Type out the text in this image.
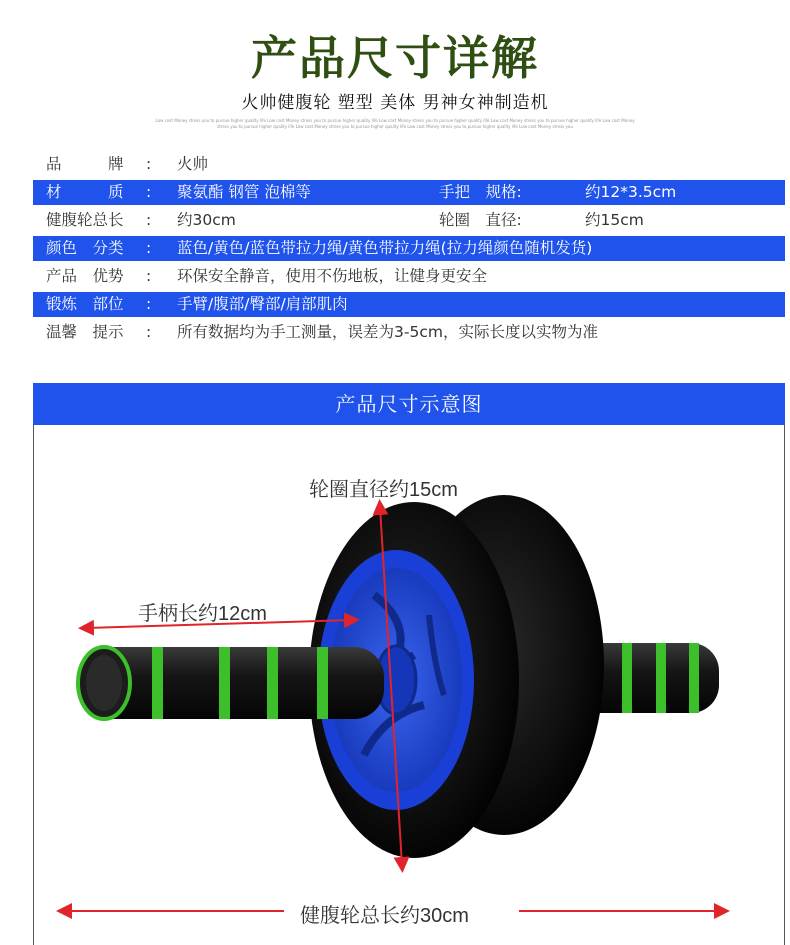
产品尺寸详解
火帅健腹轮 塑型 美体 男神女神制造机
Low cost Money stress you to pursue higher quality life Low cost Money stress you to pursue higher quality life Low cost Money stress you to pursue higher quality life Low cost Money stress you to pursue higher quality life Low cost Money stress you to pursue higher quality life Low cost Money stress you to pursue higher quality life Low cost Money stress you to pursue higher quality life Low cost Money stress you
品　　　牌 : 火帅
材　　　质 : 聚氨酯 钢管 泡棉等	手把　规格:	约12*3.5cm
健腹轮总长 : 约30cm	轮圈　直径:	约15cm
颜色　分类 : 蓝色/黄色/蓝色带拉力绳/黄色带拉力绳(拉力绳颜色随机发货)
产品　优势 : 环保安全静音，使用不伤地板，让健身更安全
锻炼　部位 : 手臂/腹部/臀部/肩部肌肉
温馨　提示 : 所有数据均为手工测量，误差为3-5cm，实际长度以实物为准
产品尺寸示意图
轮圈直径约15cm
手柄长约12cm
健腹轮总长约30cm
